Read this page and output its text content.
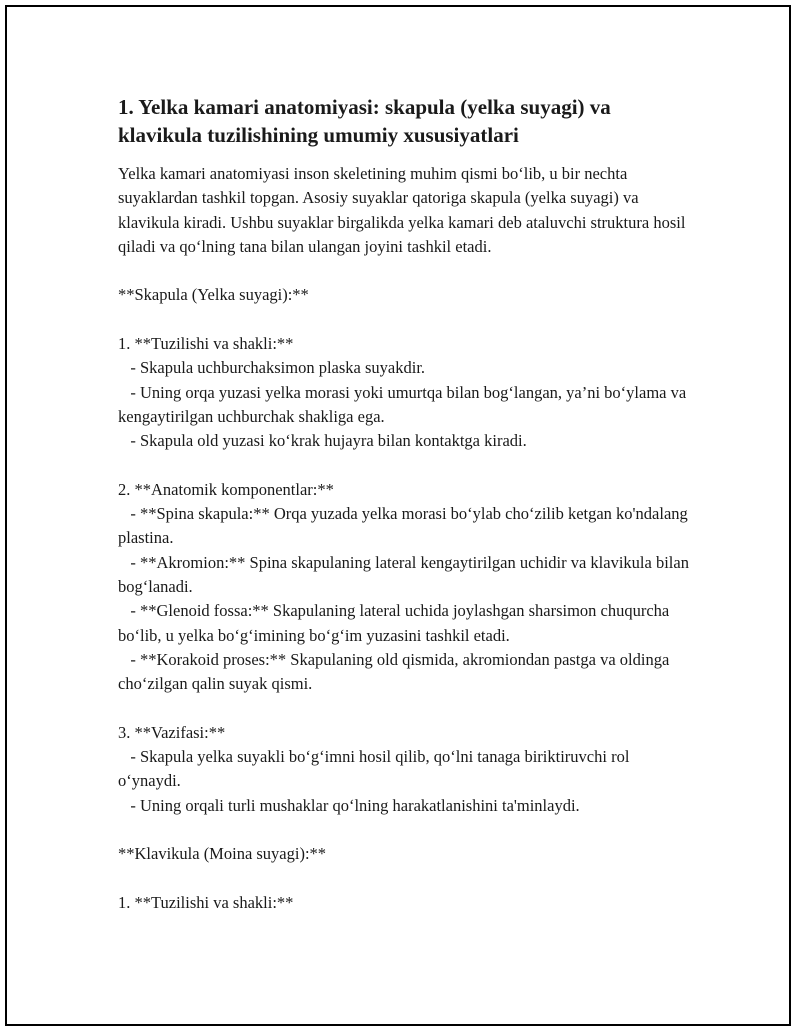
1. Yelka kamari anatomiyasi: skapula (yelka suyagi) va klavikula tuzilishining umumiy xususiyatlari
Yelka kamari anatomiyasi inson skeletining muhim qismi bo‘lib, u bir nechta suyaklardan tashkil topgan. Asosiy suyaklar qatoriga skapula (yelka suyagi) va klavikula kiradi. Ushbu suyaklar birgalikda yelka kamari deb ataluvchi struktura hosil qiladi va qo‘lning tana bilan ulangan joyini tashkil etadi.
**Skapula (Yelka suyagi):**
1. **Tuzilishi va shakli:**
- Skapula uchburchaksimon plaska suyakdir.
- Uning orqa yuzasi yelka morasi yoki umurtqa bilan bog‘langan, ya’ni bo‘ylama va kengaytirilgan uchburchak shakliga ega.
- Skapula old yuzasi ko‘krak hujayra bilan kontaktga kiradi.
2. **Anatomik komponentlar:**
- **Spina skapula:** Orqa yuzada yelka morasi bo‘ylab cho‘zilib ketgan ko'ndalang plastina.
- **Akromion:** Spina skapulaning lateral kengaytirilgan uchidir va klavikula bilan bog‘lanadi.
- **Glenoid fossa:** Skapulaning lateral uchida joylashgan sharsimon chuqurcha bo‘lib, u yelka bo‘g‘imining bo‘g‘im yuzasini tashkil etadi.
- **Korakoid proses:** Skapulaning old qismida, akromiondan pastga va oldinga cho‘zilgan qalin suyak qismi.
3. **Vazifasi:**
- Skapula yelka suyakli bo‘g‘imni hosil qilib, qo‘lni tanaga biriktiruvchi rol o‘ynaydi.
- Uning orqali turli mushaklar qo‘lning harakatlanishini ta'minlaydi.
**Klavikula (Moina suyagi):**
1. **Tuzilishi va shakli:**
